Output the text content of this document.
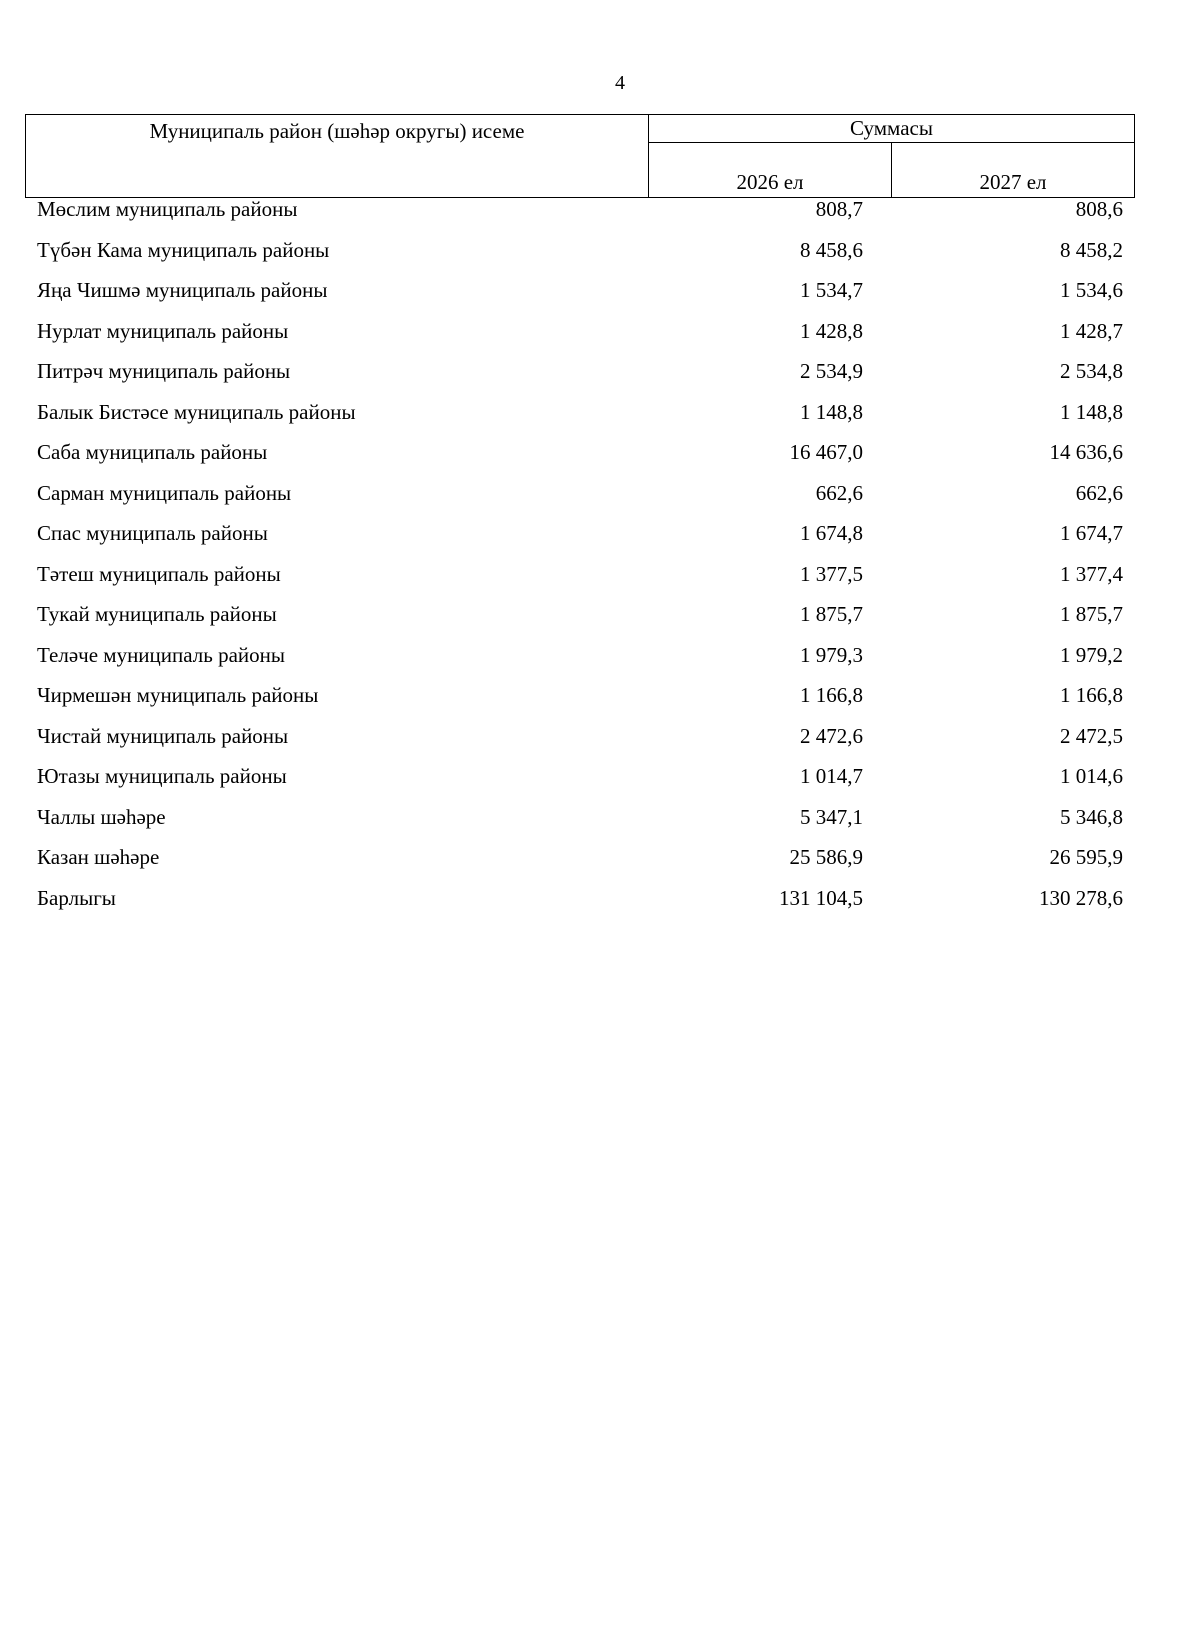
4
Муниципаль район (шәһәр округы) исеме	Суммасы	
	2026 ел	2027 ел
Мөслим муниципаль районы	808,7	808,6
Түбән Кама муниципаль районы	8 458,6	8 458,2
Яңа Чишмә муниципаль районы	1 534,7	1 534,6
Нурлат муниципаль районы	1 428,8	1 428,7
Питрәч муниципаль районы	2 534,9	2 534,8
Балык Бистәсе муниципаль районы	1 148,8	1 148,8
Саба муниципаль районы	16 467,0	14 636,6
Сарман муниципаль районы	662,6	662,6
Спас муниципаль районы	1 674,8	1 674,7
Тәтеш муниципаль районы	1 377,5	1 377,4
Тукай муниципаль районы	1 875,7	1 875,7
Теләче муниципаль районы	1 979,3	1 979,2
Чирмешән муниципаль районы	1 166,8	1 166,8
Чистай муниципаль районы	2 472,6	2 472,5
Ютазы муниципаль районы	1 014,7	1 014,6
Чаллы шәһәре	5 347,1	5 346,8
Казан шәһәре	25 586,9	26 595,9
Барлыгы	131 104,5	130 278,6
